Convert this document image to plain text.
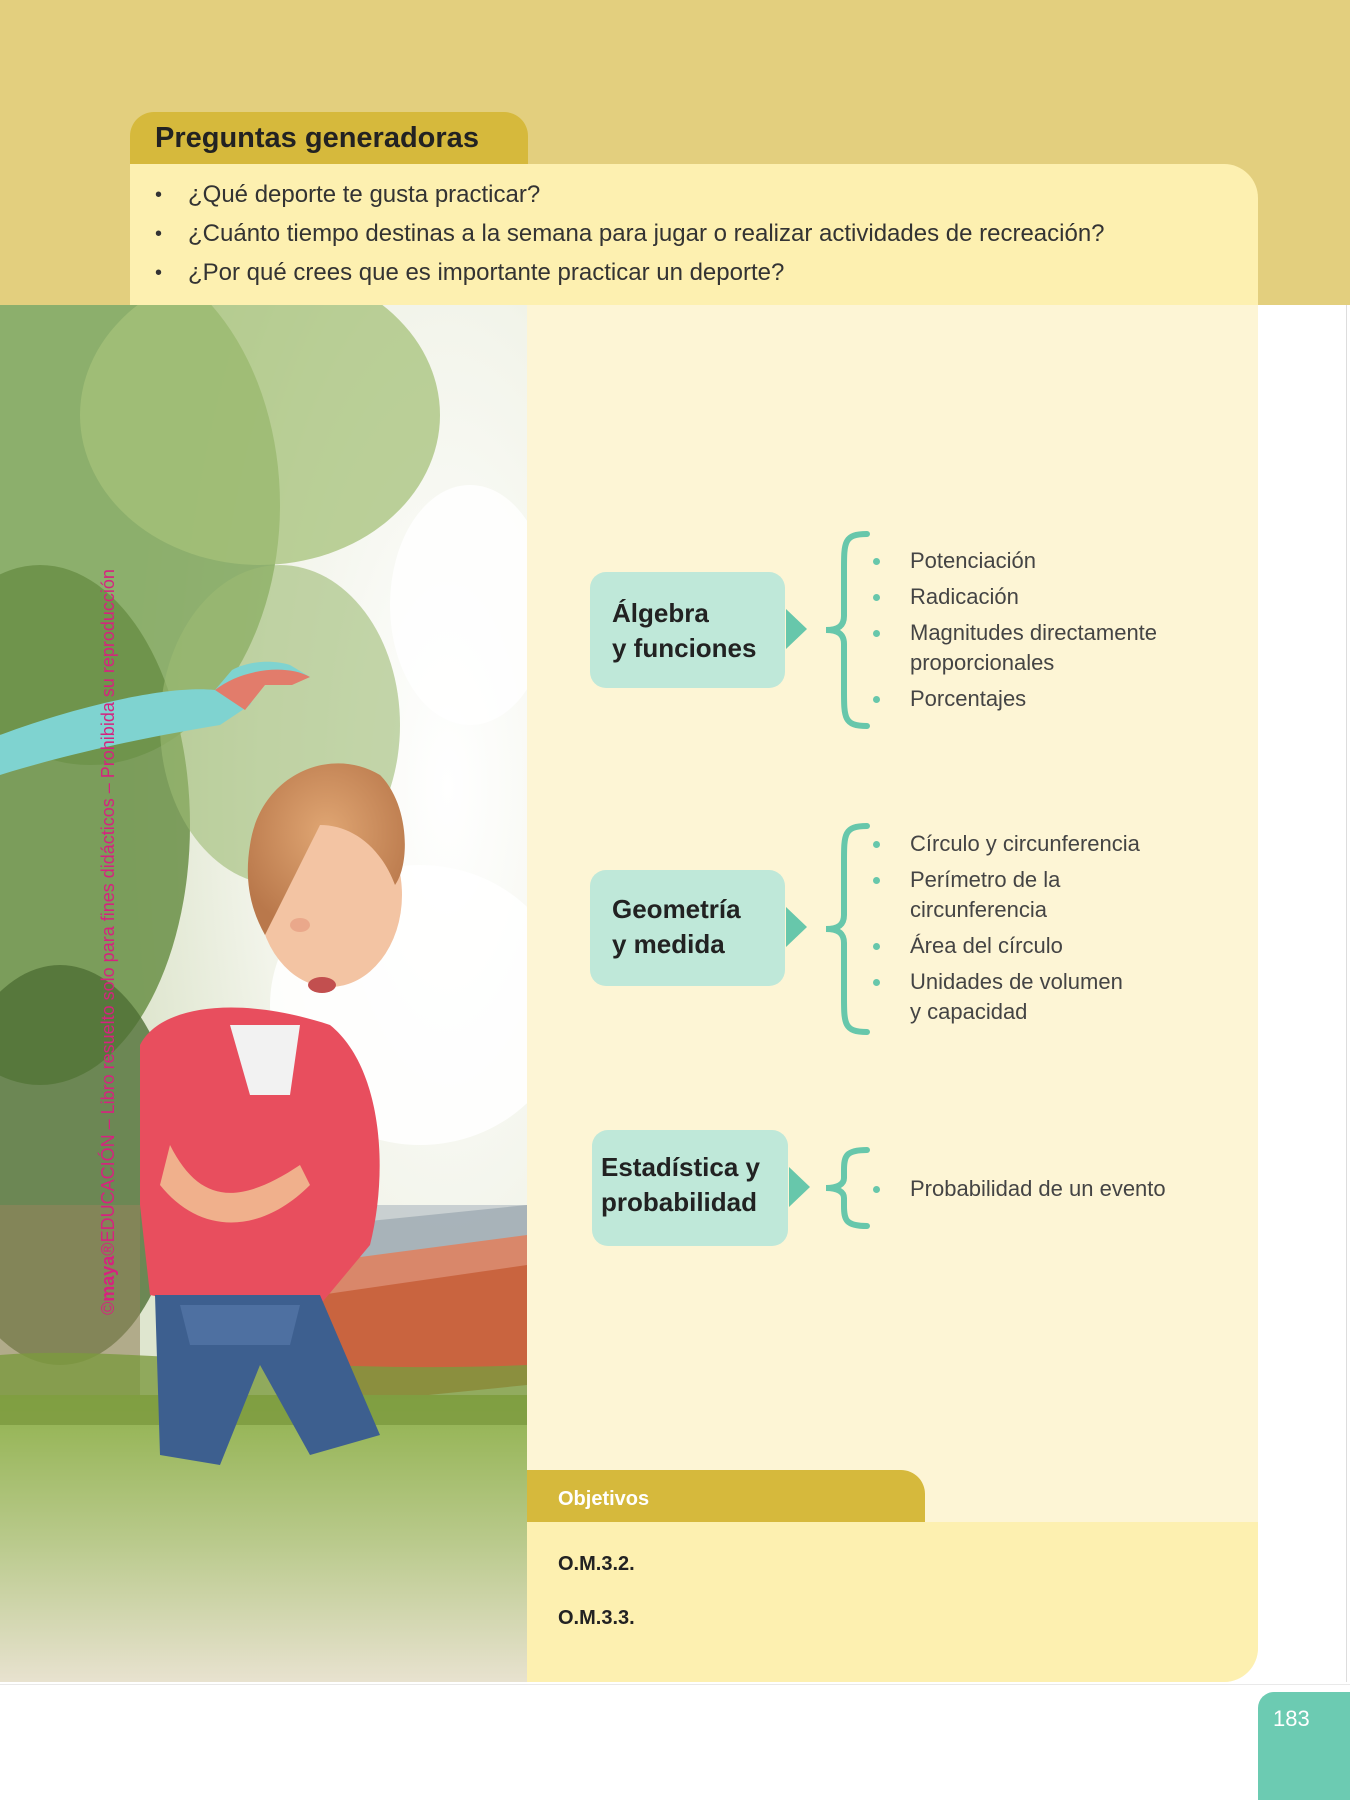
Preguntas generadoras
• ¿Qué deporte te gusta practicar?
• ¿Cuánto tiempo destinas a la semana para jugar o realizar actividades de recreación?
• ¿Por qué crees que es importante practicar un deporte?
©maya®EDUCACIÓN – Libro resuelto solo para fines didácticos – Prohibida su reproducción	Álgebra
y funciones
Potenciación
Radicación
Magnitudes directamente proporcionales
Porcentajes
Geometría
y medida
Círculo y circunferencia
Perímetro de la circunferencia
Área del círculo
Unidades de volumen y capacidad
Estadística y
probabilidad	Probabilidad de un evento
Objetivos
O.M.3.2.
O.M.3.3.
183
